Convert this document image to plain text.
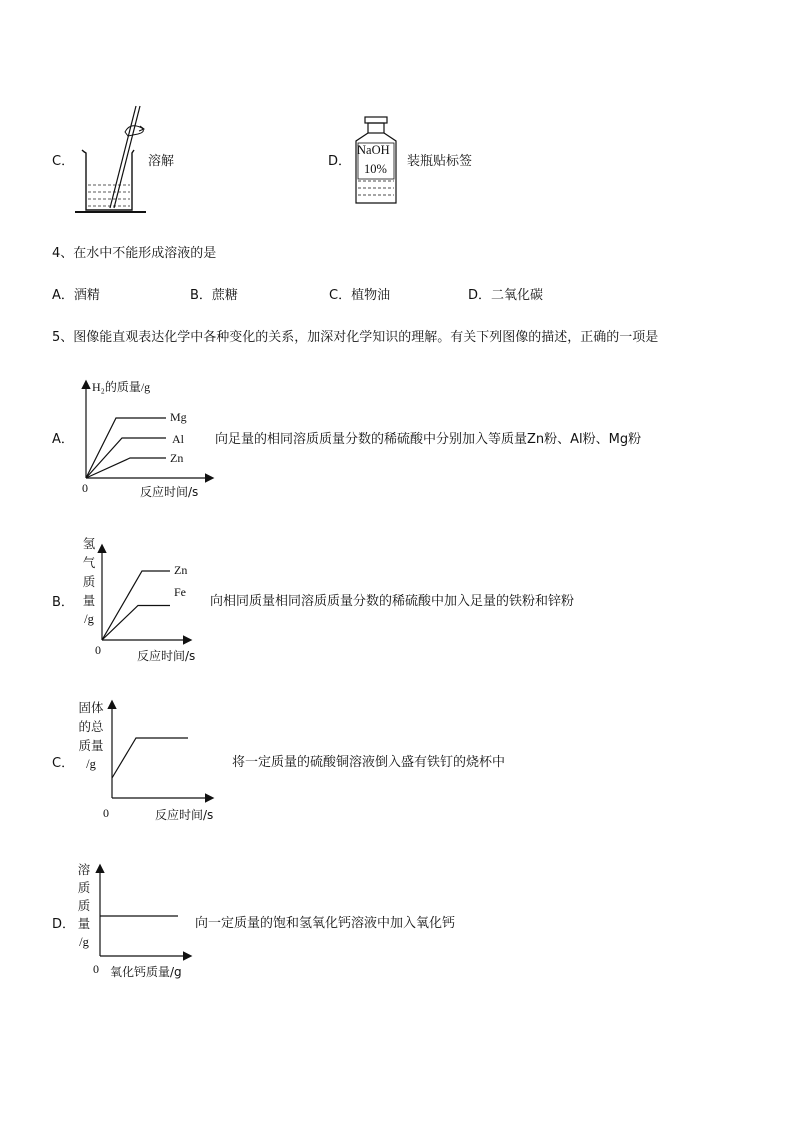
C．	溶解	D．
NaOH
10% 装瓶贴标签
4、在水中不能形成溶液的是
A．酒精	B．蔗糖	C．植物油	D．二氧化碳
5、图像能直观表达化学中各种变化的关系，加深对化学知识的理解。有关下列图像的描述，正确的一项是
A．
H₂的质量/g
Mg
Al
Zn
0	反应时间/s
向足量的相同溶质质量分数的稀硫酸中分别加入等质量Zn粉、Al粉、Mg粉
B．
氢
气
质
量
/g
Zn
Fe
0	反应时间/s
向相同质量相同溶质质量分数的稀硫酸中加入足量的铁粉和锌粉
C．
固体
的总
质量
/g
0	反应时间/s
将一定质量的硫酸铜溶液倒入盛有铁钉的烧杯中
D．
溶
质
质
量
/g
0 氧化钙质量/g
向一定质量的饱和氢氧化钙溶液中加入氧化钙
